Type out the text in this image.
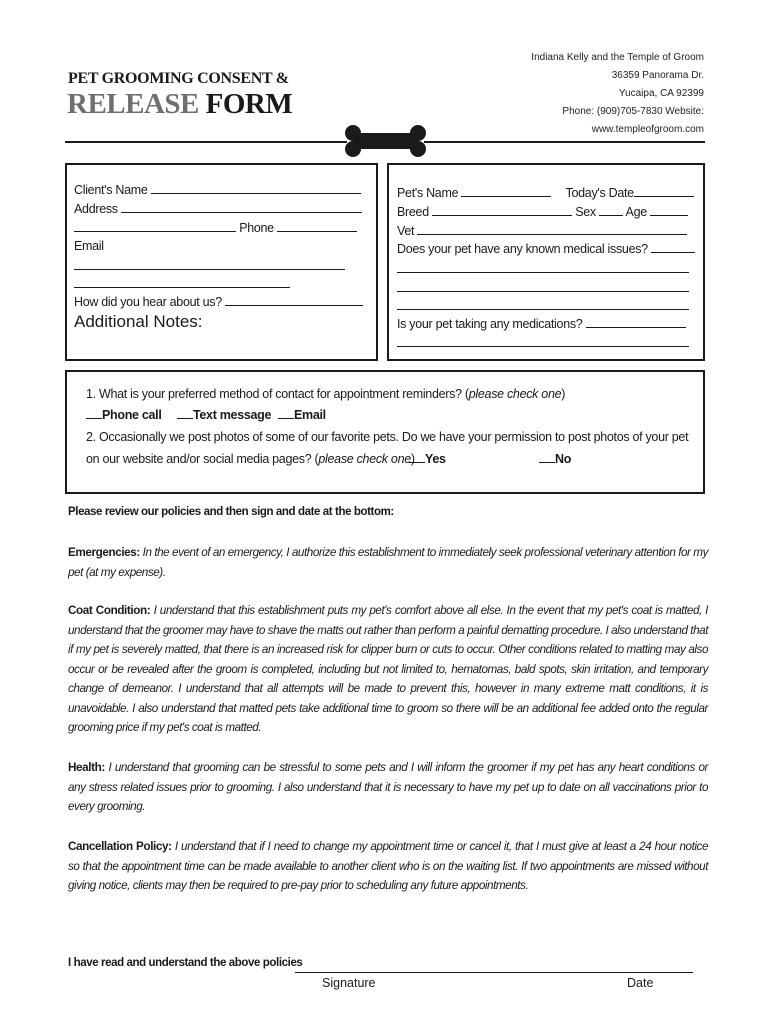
PET GROOMING CONSENT &
RELEASE FORM
Indiana Kelly and the Temple of Groom
36359 Panorama Dr.
Yucaipa, CA 92399
Phone: (909)705-7830 Website:
www.templeofgroom.com
Client's Name
Address
Phone
Email
How did you hear about us?
Additional Notes:
Pet's Name	Today's Date
Breed	Sex Age
Vet
Does your pet have any known medical issues?
Is your pet taking any medications?
1. What is your preferred method of contact for appointment reminders? (please check one)
Phone call	Text message	Email
2. Occasionally we post photos of some of our favorite pets. Do we have your permission to post photos of your pet
on our website and/or social media pages? (please check one) Yes	No
Please review our policies and then sign and date at the bottom:
Emergencies: In the event of an emergency, I authorize this establishment to immediately seek professional veterinary attention for my pet (at my expense).
Coat Condition: I understand that this establishment puts my pet's comfort above all else. In the event that my pet's coat is matted, I understand that the groomer may have to shave the matts out rather than perform a painful dematting procedure. I also understand that if my pet is severely matted, that there is an increased risk for clipper burn or cuts to occur. Other conditions related to matting may also occur or be revealed after the groom is completed, including but not limited to, hematomas, bald spots, skin irritation, and temporary change of demeanor. I understand that all attempts will be made to prevent this, however in many extreme matt conditions, it is unavoidable. I also understand that matted pets take additional time to groom so there will be an additional fee added onto the regular grooming price if my pet's coat is matted.
Health: I understand that grooming can be stressful to some pets and I will inform the groomer if my pet has any heart conditions or any stress related issues prior to grooming. I also understand that it is necessary to have my pet up to date on all vaccinations prior to every grooming.
Cancellation Policy: I understand that if I need to change my appointment time or cancel it, that I must give at least a 24 hour notice so that the appointment time can be made available to another client who is on the waiting list. If two appointments are missed without giving notice, clients may then be required to pre-pay prior to scheduling any future appointments.
I have read and understand the above policies
Signature	Date
